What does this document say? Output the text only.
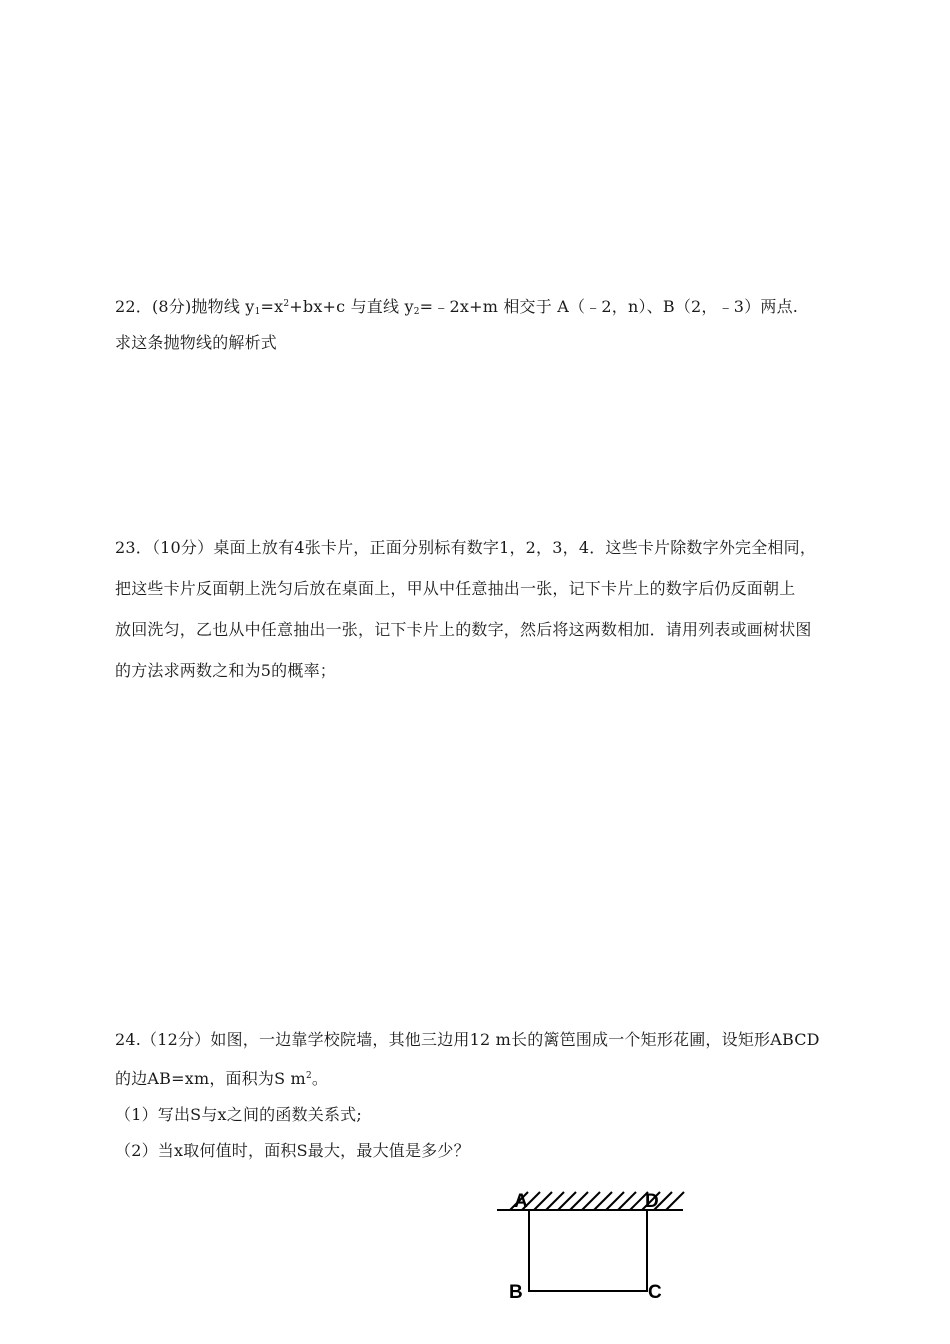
22．(8分)抛物线 $y_1=x^2+bx+c$ 与直线 $y_2=﹣2x+m$ 相交于 A（﹣2，n）、B（2，﹣3）两点.
求这条抛物线的解析式
23．（10分）桌面上放有4张卡片，正面分别标有数字1，2，3，4．这些卡片除数字外完全相同，
把这些卡片反面朝上洗匀后放在桌面上，甲从中任意抽出一张，记下卡片上的数字后仍反面朝上
放回洗匀，乙也从中任意抽出一张，记下卡片上的数字，然后将这两数相加．请用列表或画树状图
的方法求两数之和为5的概率；
24.（12分）如图，一边靠学校院墙，其他三边用12 m长的篱笆围成一个矩形花圃，设矩形ABCD
的边AB=xm，面积为S $m^2$。
（1）写出S与x之间的函数关系式;
（2）当x取何值时，面积S最大，最大值是多少？
A	D
B	C
